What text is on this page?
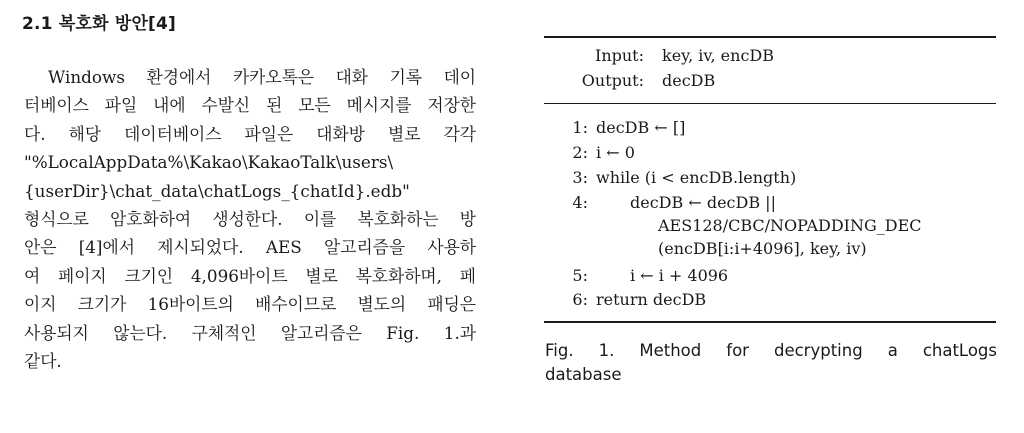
2.1 복호화 방안[4]
Windows 환경에서 카카오톡은 대화 기록 데이
터베이스 파일 내에 수발신 된 모든 메시지를 저장한
다. 해당 데이터베이스 파일은 대화방 별로 각각
"%LocalAppData%\Kakao\KakaoTalk\users\
{userDir}\chat_data\chatLogs_{chatId}.edb"
형식으로 암호화하여 생성한다. 이를 복호화하는 방
안은 [4]에서 제시되었다. AES 알고리즘을 사용하
여 페이지 크기인 4,096바이트 별로 복호화하며, 페
이지 크기가 16바이트의 배수이므로 별도의 패딩은
사용되지 않는다. 구체적인 알고리즘은 Fig. 1.과
같다.
Input: key, iv, encDB
Output: decDB
1: decDB ← []
2: i ← 0
3: while (i < encDB.length)
4:	decDB ← decDB ||
AES128/CBC/NOPADDING_DEC
(encDB[i:i+4096], key, iv)
5:	i ← i + 4096
6: return decDB
Fig. 1. Method for decrypting a chatLogs
database
